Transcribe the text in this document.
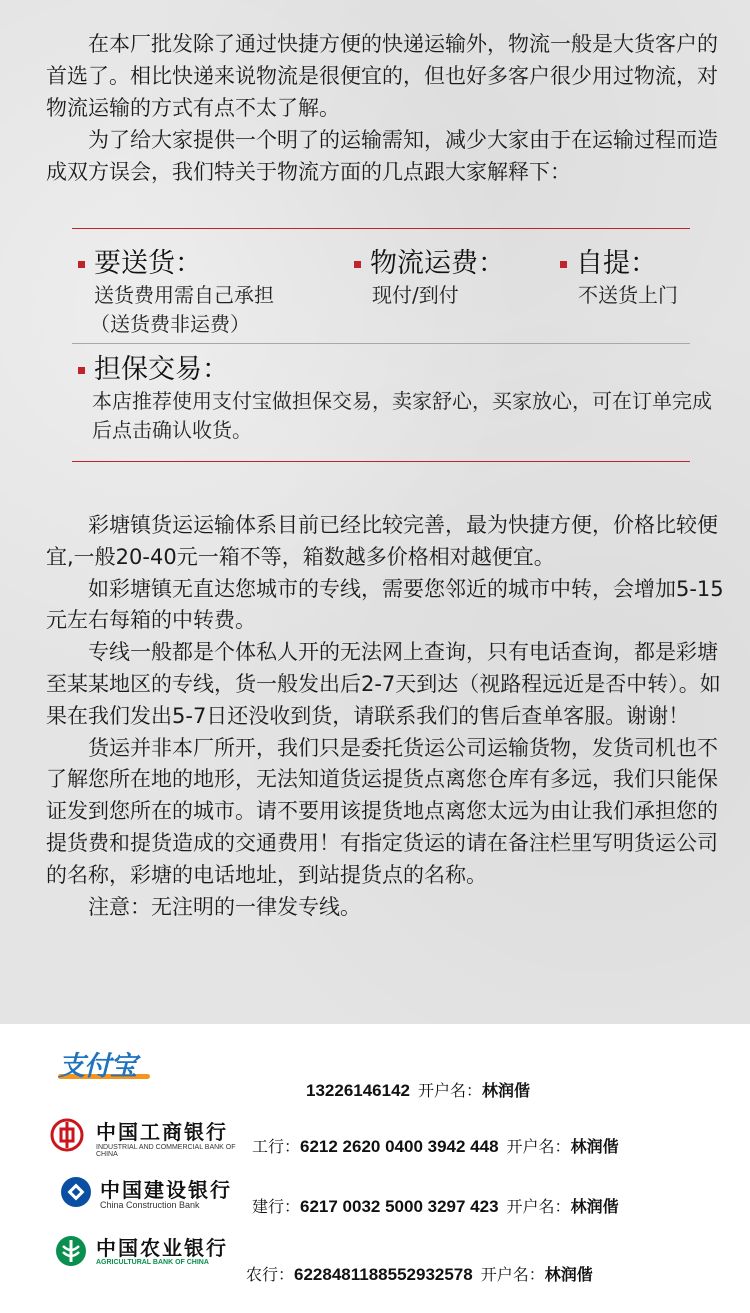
在本厂批发除了通过快捷方便的快递运输外，物流一般是大货客户的首选了。相比快递来说物流是很便宜的，但也好多客户很少用过物流，对物流运输的方式有点不太了解。

为了给大家提供一个明了的运输需知，减少大家由于在运输过程而造成双方误会，我们特关于物流方面的几点跟大家解释下：

要送货：
送货费用需自己承担
（送货费非运费）
物流运费：
现付/到付
自提：
不送货上门
担保交易：
本店推荐使用支付宝做担保交易，卖家舒心，买家放心，可在订单完成后点击确认收货。

彩塘镇货运运输体系目前已经比较完善，最为快捷方便，价格比较便宜,一般20-40元一箱不等，箱数越多价格相对越便宜。

如彩塘镇无直达您城市的专线，需要您邻近的城市中转，会增加5-15元左右每箱的中转费。

专线一般都是个体私人开的无法网上查询，只有电话查询，都是彩塘至某某地区的专线，货一般发出后2-7天到达（视路程远近是否中转）。如果在我们发出5-7日还没收到货，请联系我们的售后查单客服。谢谢！

货运并非本厂所开，我们只是委托货运公司运输货物，发货司机也不了解您所在地的地形，无法知道货运提货点离您仓库有多远，我们只能保证发到您所在的城市。请不要用该提货地点离您太远为由让我们承担您的提货费和提货造成的交通费用！有指定货运的请在备注栏里写明货运公司的名称，彩塘的电话地址，到站提货点的名称。

注意：无注明的一律发专线。

支付宝
13226146142 开户名：林润偕
中国工商银行
INDUSTRIAL AND COMMERCIAL BANK OF CHINA	工行：6212 2620 0400 3942 448 开户名：林润偕
中国建设银行
China Construction Bank	建行：6217 0032 5000 3297 423 开户名：林润偕
中国农业银行
AGRICULTURAL BANK OF CHINA
农行：6228481188552932578 开户名：林润偕
